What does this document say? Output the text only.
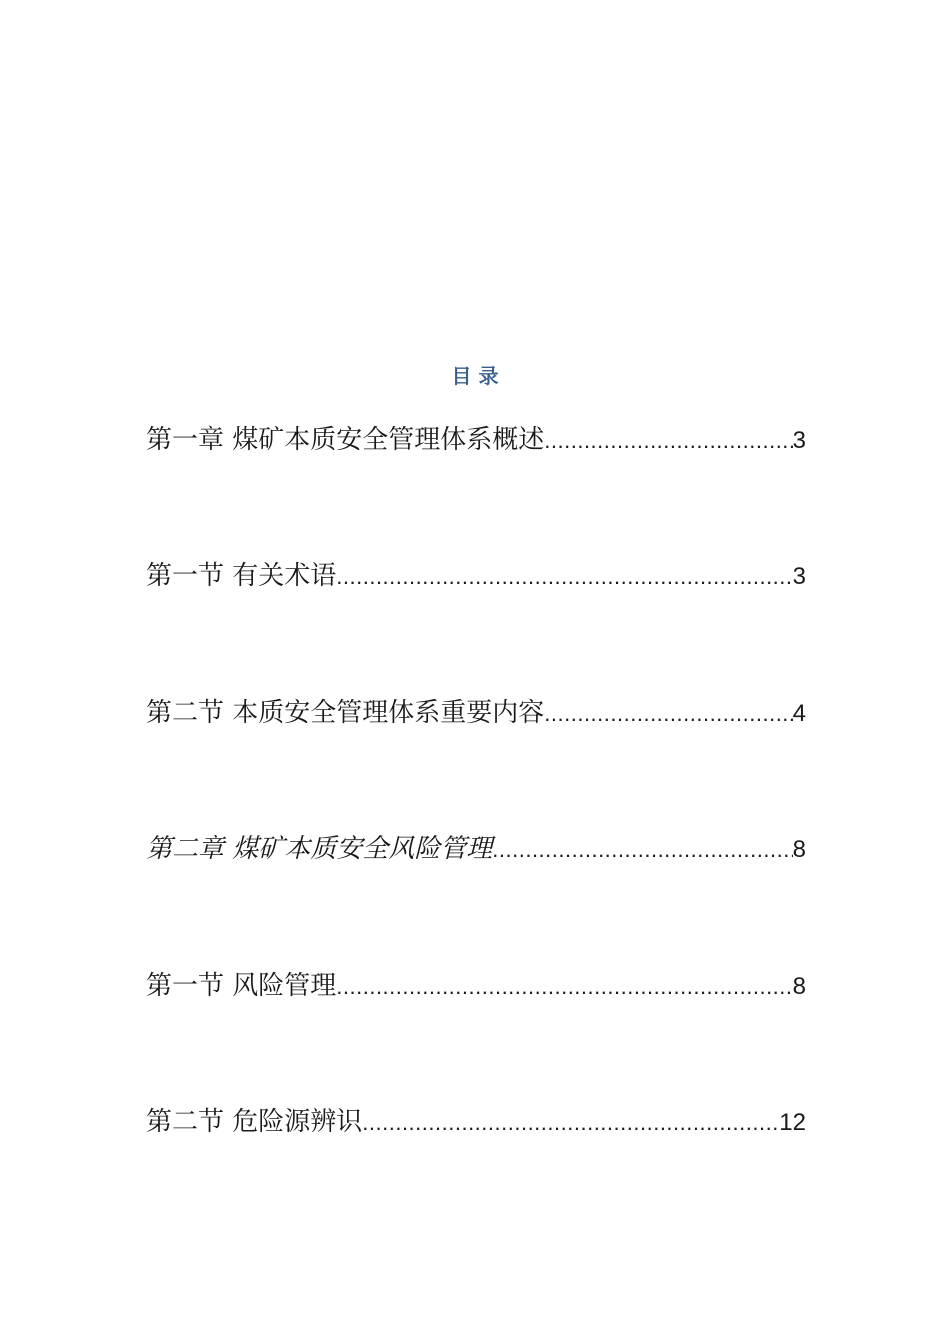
目 录
第一章 煤矿本质安全管理体系概述 .....	3
第一节 有关术语 .....	3
第二节 本质安全管理体系重要内容 .....	4
第二章 煤矿本质安全风险管理 .....	8
第一节 风险管理 .....	8
第二节 危险源辨识 .....	12
